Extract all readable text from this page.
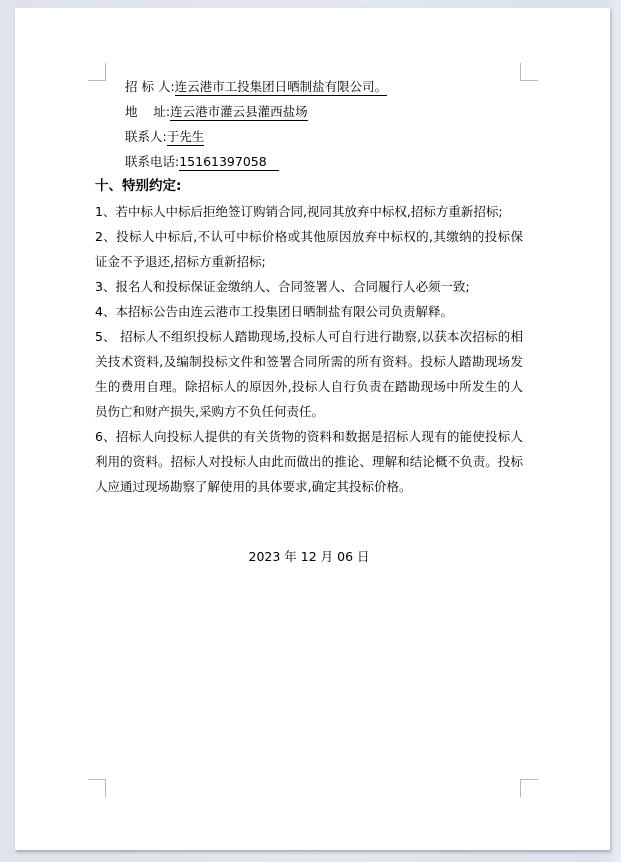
招 标 人:连云港市工投集团日晒制盐有限公司。
地    址:连云港市灌云县灌西盐场
联系人:于先生
联系电话:15161397058

十、特别约定:

1、若中标人中标后拒绝签订购销合同,视同其放弃中标权,招标方重新招标;

2、投标人中标后,不认可中标价格或其他原因放弃中标权的,其缴纳的投标保证金不予退还,招标方重新招标;

3、报名人和投标保证金缴纳人、合同签署人、合同履行人必须一致;

4、本招标公告由连云港市工投集团日晒制盐有限公司负责解释。

5、 招标人不组织投标人踏勘现场,投标人可自行进行勘察,以获本次招标的相关技术资料,及编制投标文件和签署合同所需的所有资料。投标人踏勘现场发生的费用自理。除招标人的原因外,投标人自行负责在踏勘现场中所发生的人员伤亡和财产损失,采购方不负任何责任。

6、招标人向投标人提供的有关货物的资料和数据是招标人现有的能使投标人利用的资料。招标人对投标人由此而做出的推论、理解和结论概不负责。投标人应通过现场勘察了解使用的具体要求,确定其投标价格。

2023 年 12 月 06 日
